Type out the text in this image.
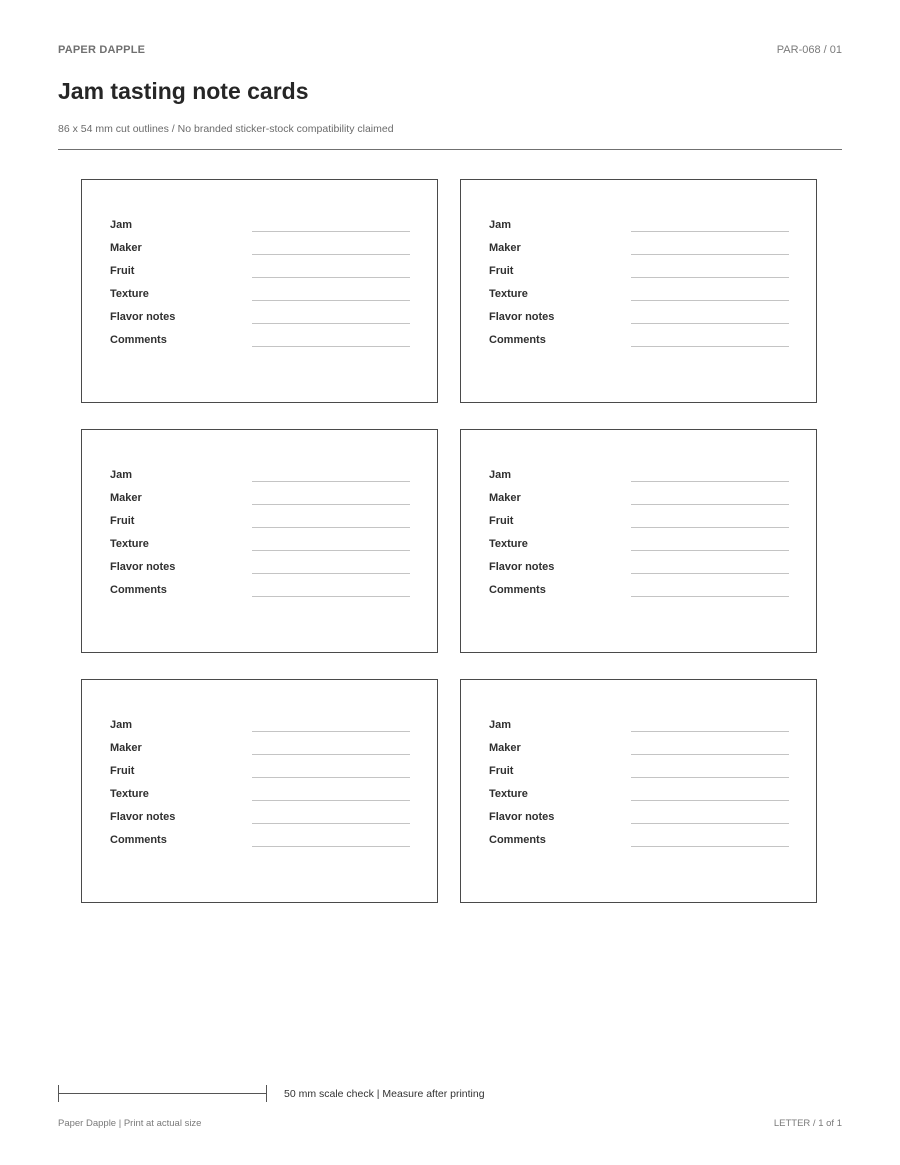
PAPER DAPPLE	PAR-068 / 01
Jam tasting note cards
86 x 54 mm cut outlines / No branded sticker-stock compatibility claimed
Jam
Maker
Fruit
Texture
Flavor notes
Comments
Jam
Maker
Fruit
Texture
Flavor notes
Comments
Jam
Maker
Fruit
Texture
Flavor notes
Comments
Jam
Maker
Fruit
Texture
Flavor notes
Comments
Jam
Maker
Fruit
Texture
Flavor notes
Comments
Jam
Maker
Fruit
Texture
Flavor notes
Comments
50 mm scale check | Measure after printing
Paper Dapple | Print at actual size	LETTER / 1 of 1
